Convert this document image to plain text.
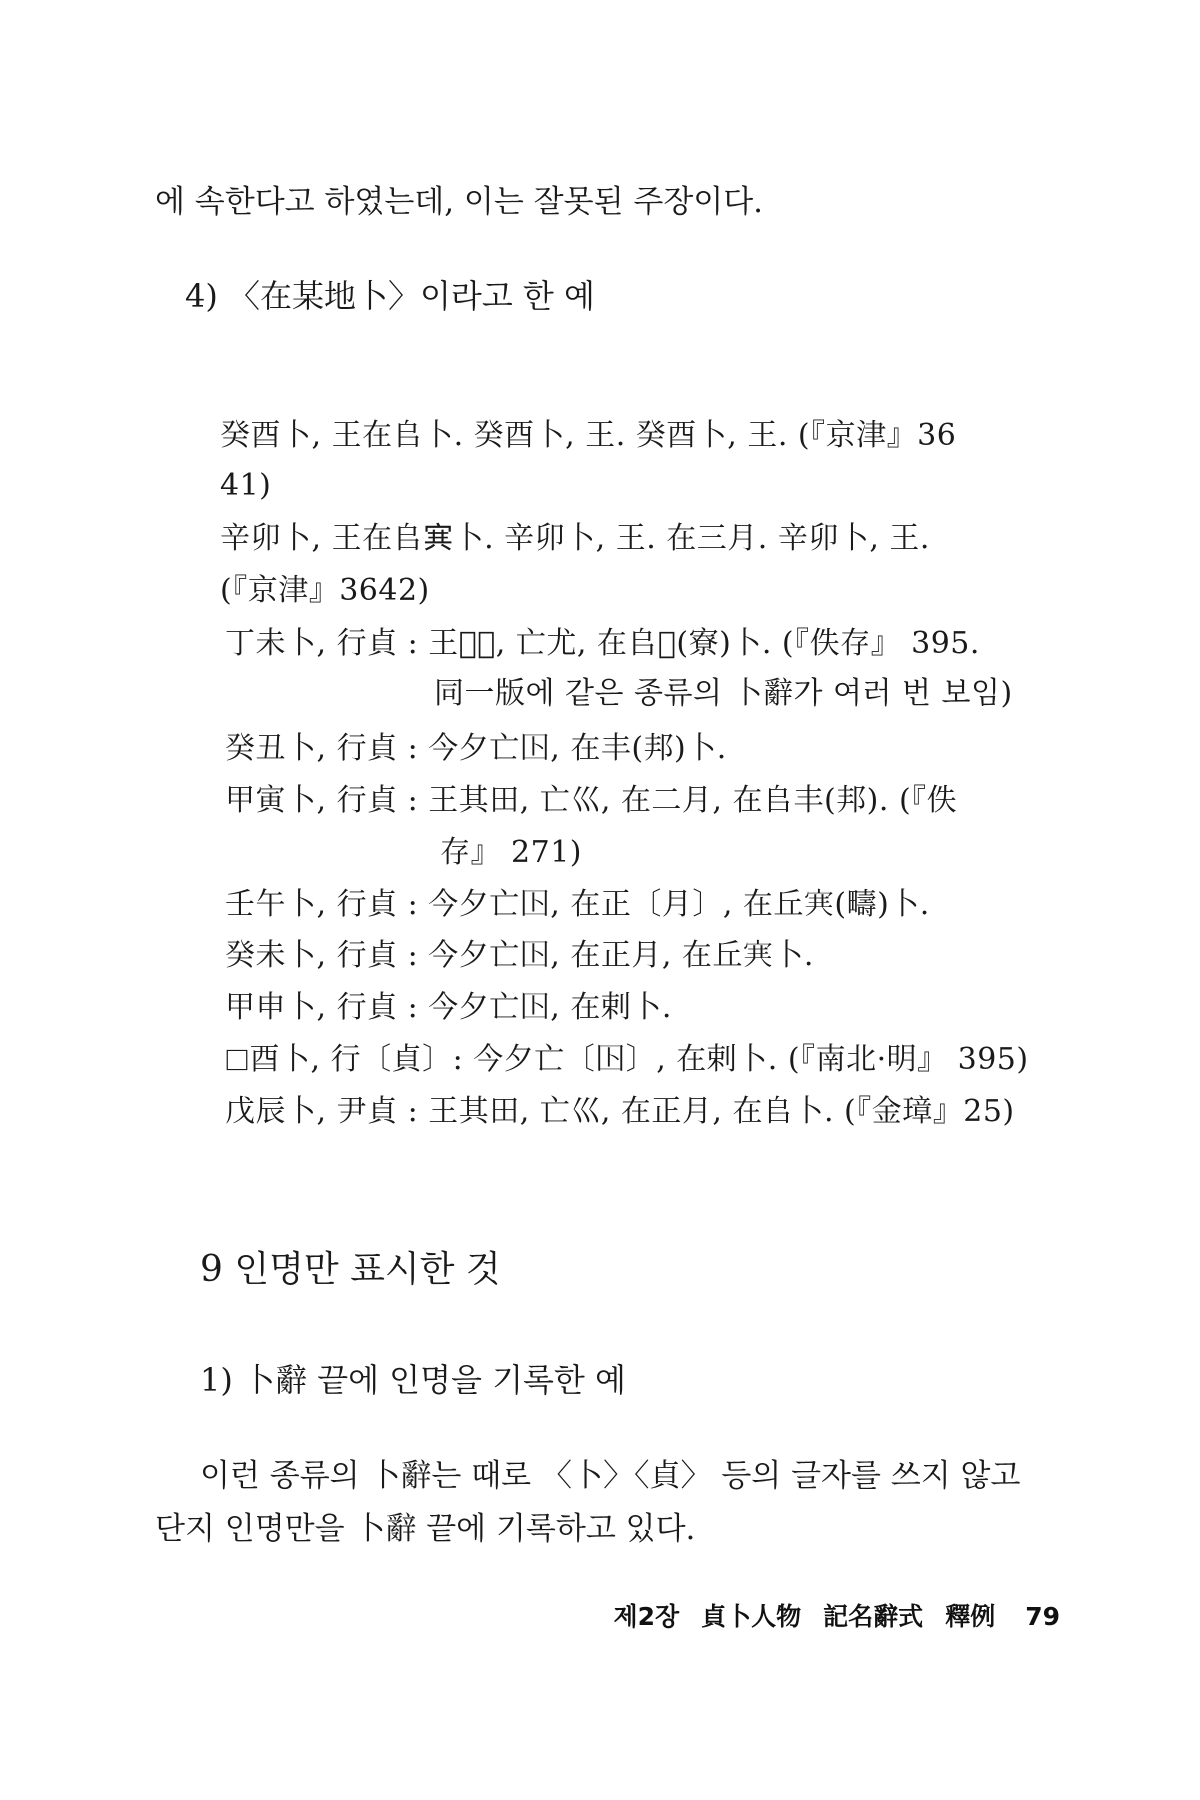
에 속한다고 하였는데, 이는 잘못된 주장이다.
4) 〈在某地卜〉이라고 한 예
癸酉卜, 王在𠂤卜. 癸酉卜, 王. 癸酉卜, 王. (『京津』36
41)
辛卯卜, 王在𠂤𡨄卜. 辛卯卜, 王. 在三月. 辛卯卜, 王.
(『京津』3642)
丁未卜, 行貞 : 王𡧊𣪊, 亡尤, 在𠂤𡨄(寮)卜. (『佚存』 395.
同一版에 같은 종류의 卜辭가 여러 번 보임)
癸丑卜, 行貞 : 今夕亡𡆥, 在丰(邦)卜.
甲寅卜, 行貞 : 王其田, 亡巛, 在二月, 在𠂤丰(邦). (『佚
存』 271)
壬午卜, 行貞 : 今夕亡𡆥, 在正〔月〕, 在丘𡨄(疇)卜.
癸未卜, 行貞 : 今夕亡𡆥, 在正月, 在丘𡨄卜.
甲申卜, 行貞 : 今夕亡𡆥, 在剌卜.
☐酉卜, 行〔貞〕: 今夕亡〔𡆥〕, 在剌卜. (『南北·明』 395)
戊辰卜, 尹貞 : 王其田, 亡巛, 在正月, 在𠂤卜. (『金璋』25)
9 인명만 표시한 것
1) 卜辭 끝에 인명을 기록한 예
이런 종류의 卜辭는 때로 〈卜〉〈貞〉 등의 글자를 쓰지 않고
단지 인명만을 卜辭 끝에 기록하고 있다.
제2장 貞卜人物 記名辭式 釋例 79
